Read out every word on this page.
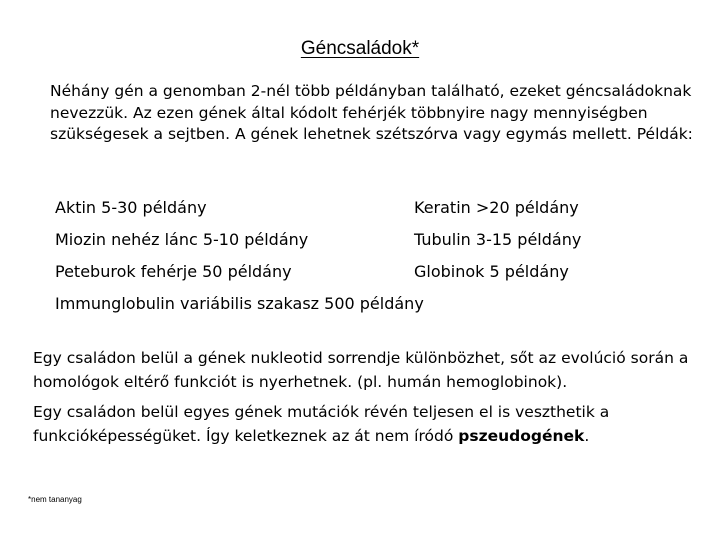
Géncsaládok*

Néhány gén a genomban 2-nél több példányban található, ezeket géncsaládoknak nevezzük. Az ezen gének által kódolt fehérjék többnyire nagy mennyiségben szükségesek a sejtben. A gének lehetnek szétszórva vagy egymás mellett. Példák:

Aktin 5-30 példány	Keratin >20 példány

Miozin nehéz lánc 5-10 példány	Tubulin 3-15 példány

Peteburok fehérje 50 példány	Globinok 5 példány

Immunglobulin variábilis szakasz 500 példány

Egy családon belül a gének nukleotid sorrendje különbözhet, sőt az evolúció során a homológok eltérő funkciót is nyerhetnek. (pl. humán hemoglobinok).

Egy családon belül egyes gének mutációk révén teljesen el is veszthetik a funkcióképességüket. Így keletkeznek az át nem íródó pszeudogének.

*nem tananyag
